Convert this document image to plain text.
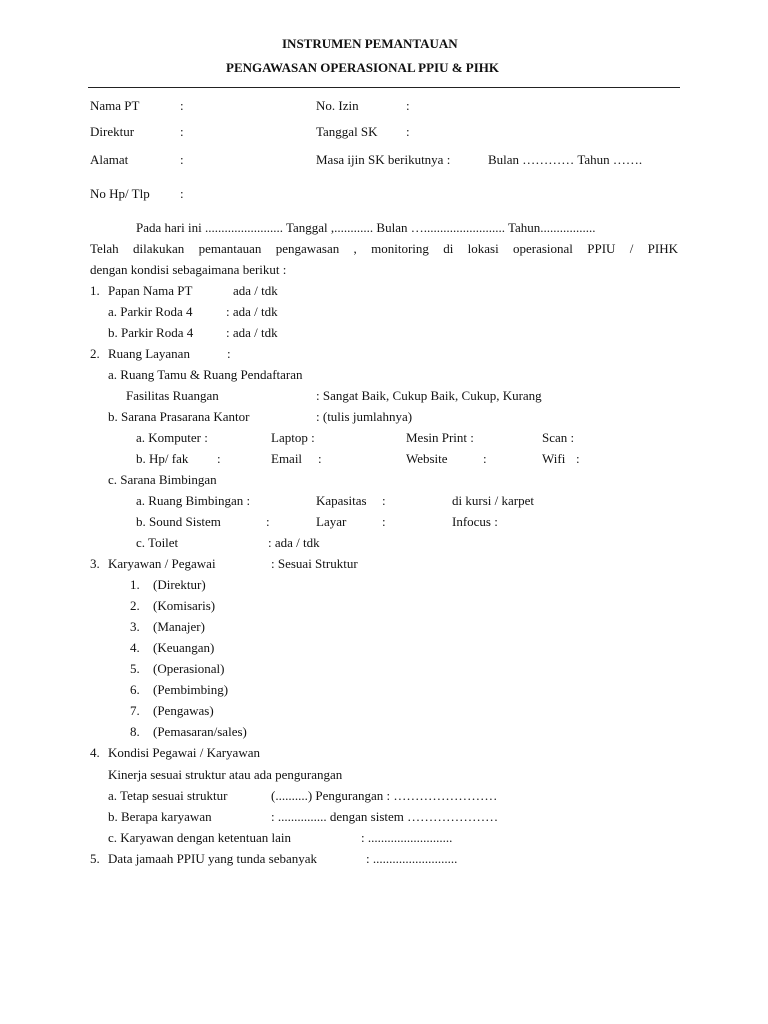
INSTRUMEN PEMANTAUAN
PENGAWASAN OPERASIONAL PPIU & PIHK
Nama PT	:	No. Izin	:
Direktur	:	Tanggal SK :
Alamat	:	Masa ijin SK berikutnya :	Bulan ………… Tahun …….
No Hp/ Tlp :
Pada hari ini ........................ Tanggal ,............ Bulan …......................... Tahun.................
Telah dilakukan pemantauan pengawasan , monitoring di lokasi operasional PPIU / PIHK
dengan kondisi sebagaimana berikut :
1. Papan Nama PT	ada / tdk
a. Parkir Roda 4	: ada / tdk
b. Parkir Roda 4	: ada / tdk
2. Ruang Layanan	:
a. Ruang Tamu & Ruang Pendaftaran
Fasilitas Ruangan	: Sangat Baik, Cukup Baik, Cukup, Kurang
b. Sarana Prasarana Kantor	: (tulis jumlahnya)
a. Komputer :	Laptop :	Mesin Print :	Scan :
b. Hp/ fak :	Email :	Website	:	Wifi :
c. Sarana Bimbingan
a. Ruang Bimbingan :	Kapasitas :	di kursi / karpet
b. Sound Sistem	:	Layar	:	Infocus :
c. Toilet	: ada / tdk
3. Karyawan / Pegawai	: Sesuai Struktur
1. (Direktur)
2. (Komisaris)
3. (Manajer)
4. (Keuangan)
5. (Operasional)
6. (Pembimbing)
7. (Pengawas)
8. (Pemasaran/sales)
4. Kondisi Pegawai / Karyawan
Kinerja sesuai struktur atau ada pengurangan
a. Tetap sesuai struktur	(..........) Pengurangan : ……………………
b. Berapa karyawan	: ............... dengan sistem …………………
c. Karyawan dengan ketentuan lain	: ..........................
5. Data jamaah PPIU yang tunda sebanyak	: ..........................
